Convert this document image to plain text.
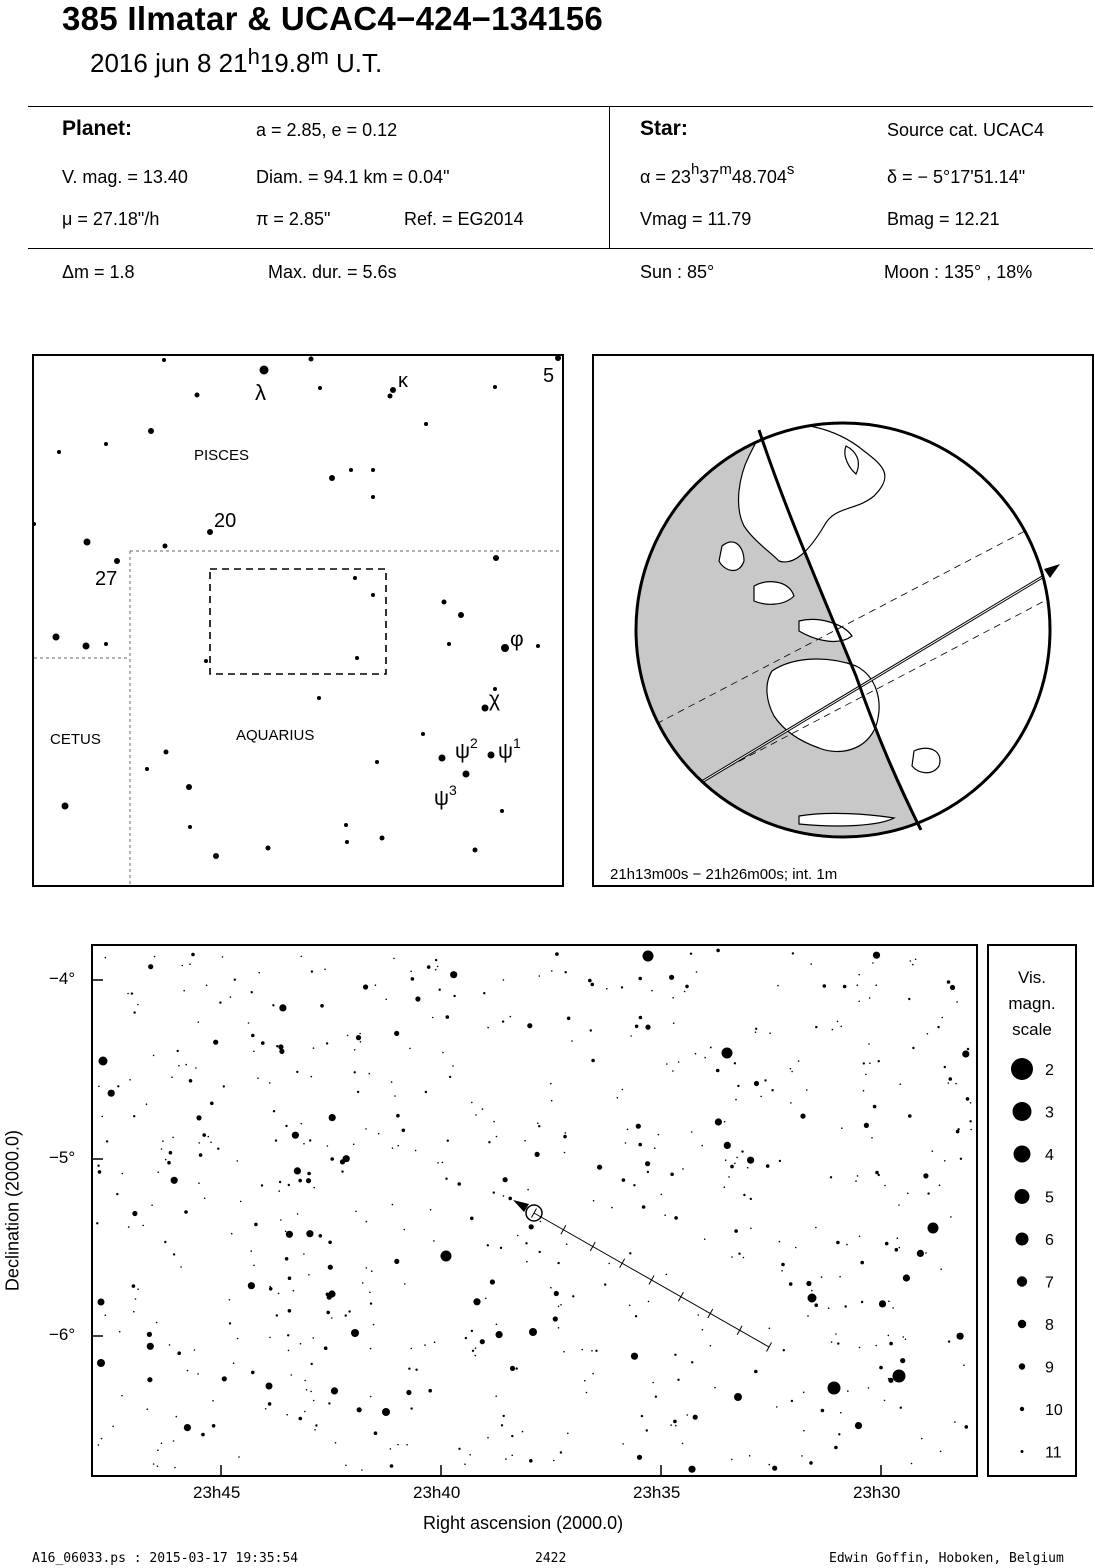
385 Ilmatar & UCAC4−424−134156
2016 jun 8 21$^h$19.8$^m$ U.T.
Planet:	a = 2.85, e = 0.12
V. mag. = 13.40	Diam. = 94.1 km = 0.04"
μ = 27.18"/h	π = 2.85"	Ref. = EG2014
Star:	Source cat. UCAC4
$\alpha = 23^h37^m48.704^s$	δ = − 5°17'51.14"
Vmag = 11.79	Bmag = 12.21
Δm = 1.8	Max. dur. = 5.6s	Sun : 85°	Moon : 135° , 18%
PISCES
AQUARIUS
CETUS
λ	κ	5
20
27
φ
χ
$\psi^2$ $\psi^1$
$\psi^3$
21h13m00s − 21h26m00s; int. 1m
−4°
−5°
−6°
23h45	23h40	23h35	23h30
Right ascension (2000.0)
Declination (2000.0)
Vis.
magn.
scale
2
3
4
5
6
7
8
9
10
11
A16_06033.ps : 2015-03-17 19:35:54	2422	Edwin Goffin, Hoboken, Belgium
